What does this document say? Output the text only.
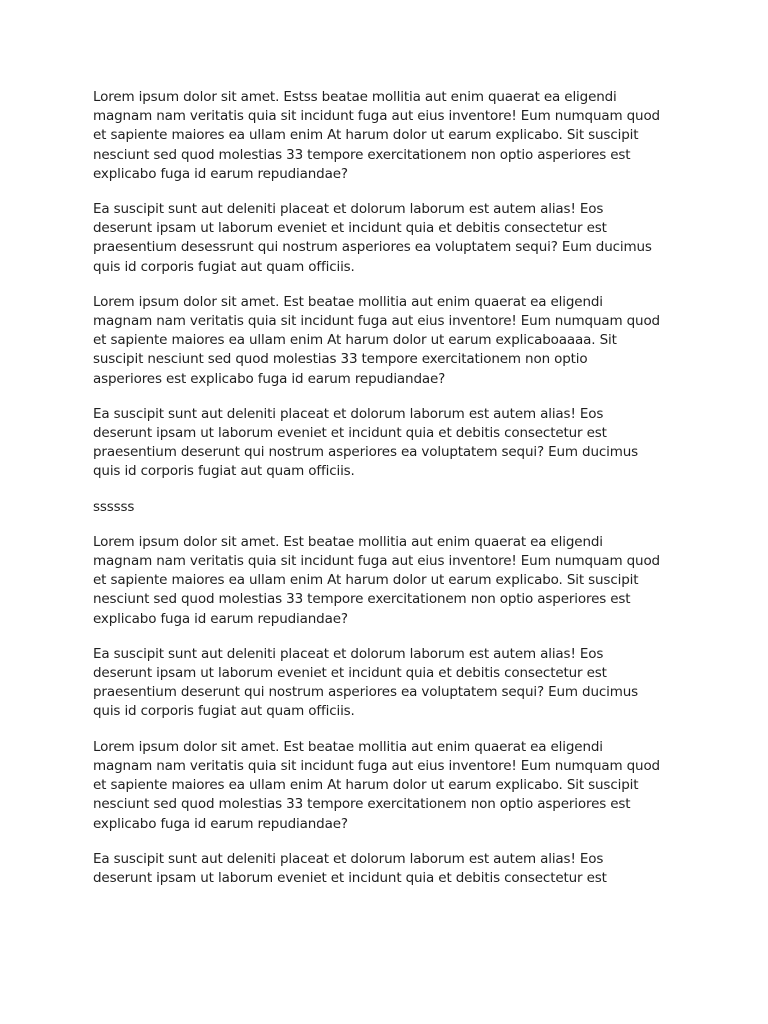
Lorem ipsum dolor sit amet. Estss beatae mollitia aut enim quaerat ea eligendi
magnam nam veritatis quia sit incidunt fuga aut eius inventore! Eum numquam quod
et sapiente maiores ea ullam enim At harum dolor ut earum explicabo. Sit suscipit
nesciunt sed quod molestias 33 tempore exercitationem non optio asperiores est
explicabo fuga id earum repudiandae?

Ea suscipit sunt aut deleniti placeat et dolorum laborum est autem alias! Eos
deserunt ipsam ut laborum eveniet et incidunt quia et debitis consectetur est
praesentium desessrunt qui nostrum asperiores ea voluptatem sequi? Eum ducimus
quis id corporis fugiat aut quam officiis.

Lorem ipsum dolor sit amet. Est beatae mollitia aut enim quaerat ea eligendi
magnam nam veritatis quia sit incidunt fuga aut eius inventore! Eum numquam quod
et sapiente maiores ea ullam enim At harum dolor ut earum explicaboaaaa. Sit
suscipit nesciunt sed quod molestias 33 tempore exercitationem non optio
asperiores est explicabo fuga id earum repudiandae?

Ea suscipit sunt aut deleniti placeat et dolorum laborum est autem alias! Eos
deserunt ipsam ut laborum eveniet et incidunt quia et debitis consectetur est
praesentium deserunt qui nostrum asperiores ea voluptatem sequi? Eum ducimus
quis id corporis fugiat aut quam officiis.

ssssss

Lorem ipsum dolor sit amet. Est beatae mollitia aut enim quaerat ea eligendi
magnam nam veritatis quia sit incidunt fuga aut eius inventore! Eum numquam quod
et sapiente maiores ea ullam enim At harum dolor ut earum explicabo. Sit suscipit
nesciunt sed quod molestias 33 tempore exercitationem non optio asperiores est
explicabo fuga id earum repudiandae?

Ea suscipit sunt aut deleniti placeat et dolorum laborum est autem alias! Eos
deserunt ipsam ut laborum eveniet et incidunt quia et debitis consectetur est
praesentium deserunt qui nostrum asperiores ea voluptatem sequi? Eum ducimus
quis id corporis fugiat aut quam officiis.

Lorem ipsum dolor sit amet. Est beatae mollitia aut enim quaerat ea eligendi
magnam nam veritatis quia sit incidunt fuga aut eius inventore! Eum numquam quod
et sapiente maiores ea ullam enim At harum dolor ut earum explicabo. Sit suscipit
nesciunt sed quod molestias 33 tempore exercitationem non optio asperiores est
explicabo fuga id earum repudiandae?

Ea suscipit sunt aut deleniti placeat et dolorum laborum est autem alias! Eos
deserunt ipsam ut laborum eveniet et incidunt quia et debitis consectetur est
